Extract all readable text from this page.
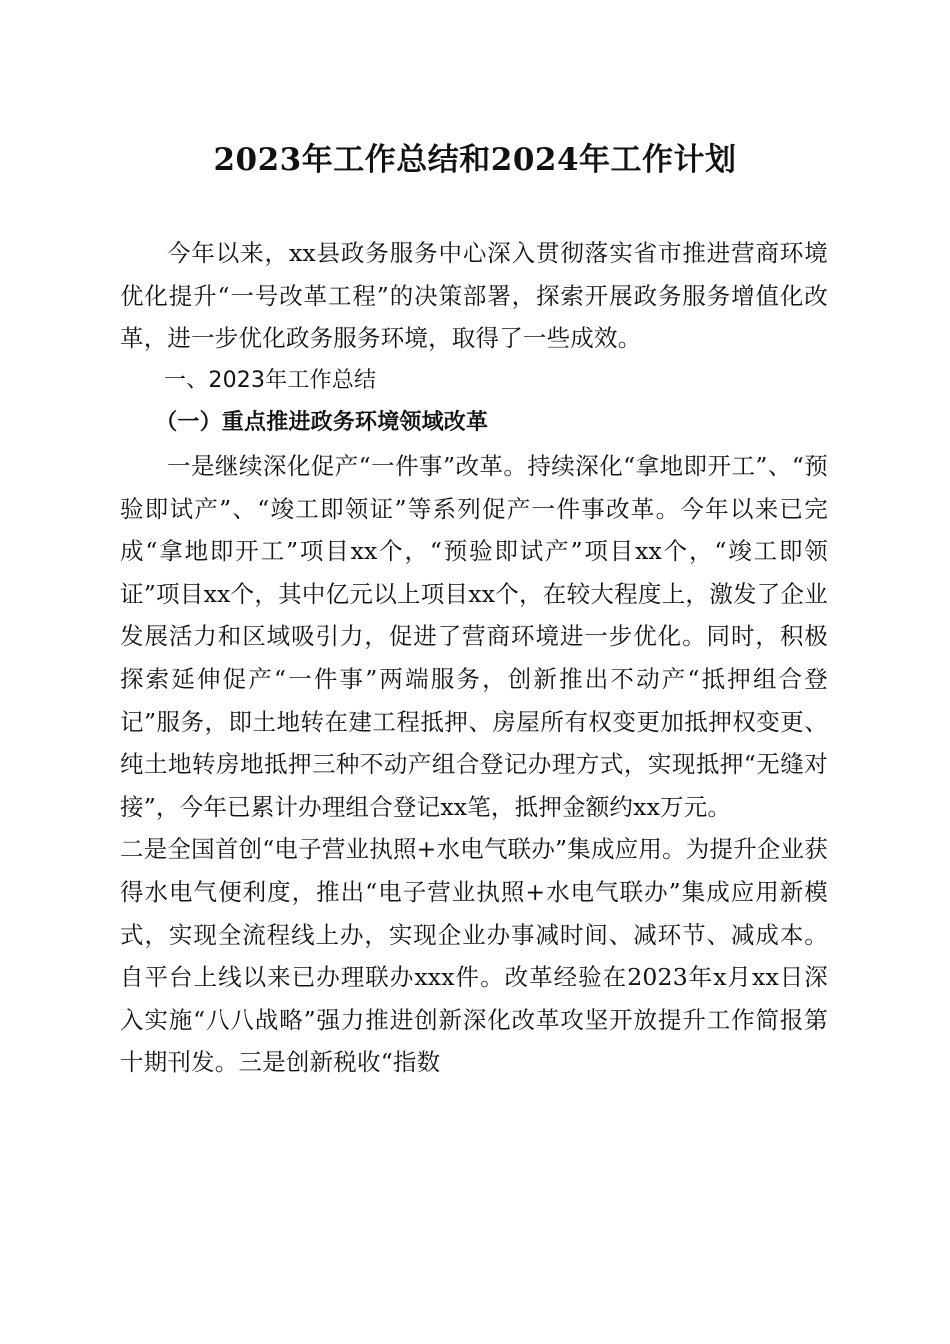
2023年工作总结和2024年工作计划

今年以来，xx县政务服务中心深入贯彻落实省市推进营商环境优化提升“一号改革工程”的决策部署，探索开展政务服务增值化改革，进一步优化政务服务环境，取得了一些成效。

一、2023年工作总结

（一）重点推进政务环境领域改革

一是继续深化促产“一件事”改革。持续深化“拿地即开工”、“预验即试产”、“竣工即领证”等系列促产一件事改革。今年以来已完成“拿地即开工”项目xx个，“预验即试产”项目xx个，“竣工即领证”项目xx个，其中亿元以上项目xx个，在较大程度上，激发了企业发展活力和区域吸引力，促进了营商环境进一步优化。同时，积极探索延伸促产“一件事”两端服务，创新推出不动产“抵押组合登记”服务，即土地转在建工程抵押、房屋所有权变更加抵押权变更、纯土地转房地抵押三种不动产组合登记办理方式，实现抵押“无缝对接”，今年已累计办理组合登记xx笔，抵押金额约xx万元。

二是全国首创“电子营业执照+水电气联办”集成应用。为提升企业获得水电气便利度，推出“电子营业执照+水电气联办”集成应用新模式，实现全流程线上办，实现企业办事减时间、减环节、减成本。自平台上线以来已办理联办xxx件。改革经验在2023年x月xx日深入实施“八八战略”强力推进创新深化改革攻坚开放提升工作简报第十期刊发。三是创新税收“指数
